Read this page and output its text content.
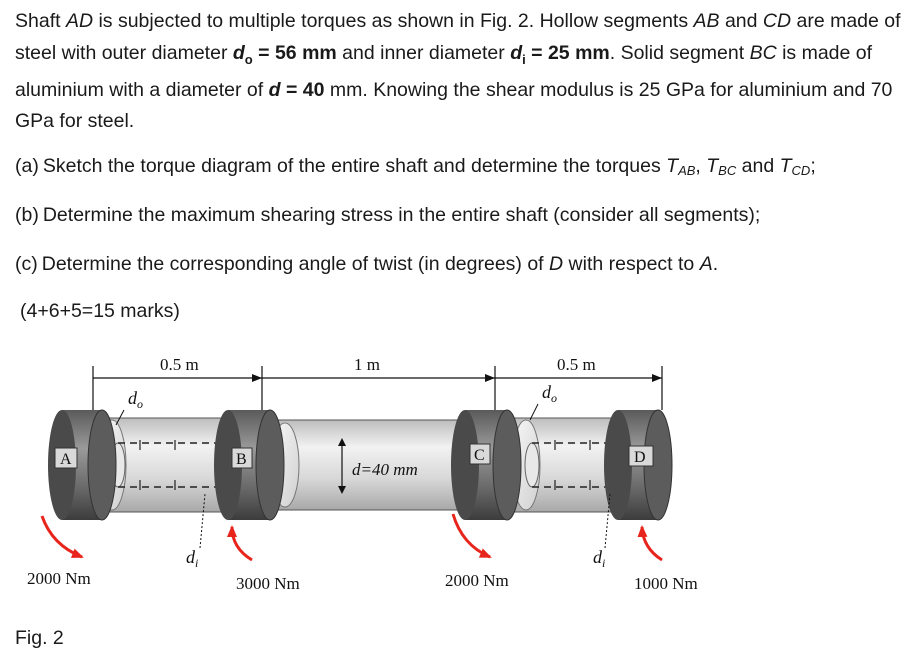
Shaft AD is subjected to multiple torques as shown in Fig. 2. Hollow segments AB and CD are made of steel with outer diameter $d_o = 56$ mm and inner diameter $d_i = 25$ mm. Solid segment BC is made of aluminium with a diameter of d = 40 mm. Knowing the shear modulus is 25 GPa for aluminium and 70 GPa for steel.

(a) Sketch the torque diagram of the entire shaft and determine the torques $T_{AB}$, $T_{BC}$ and $T_{CD}$;
(b) Determine the maximum shearing stress in the entire shaft (consider all segments);
(c) Determine the corresponding angle of twist (in degrees) of D with respect to A.
(4+6+5=15 marks)
0.5 m	1 m	0.5 m
A	B	C	D
d=40 mm
$d_o$
$d_o$
$d_i$	$d_i$
2000 Nm	3000 Nm	2000 Nm	1000 Nm
Fig. 2
